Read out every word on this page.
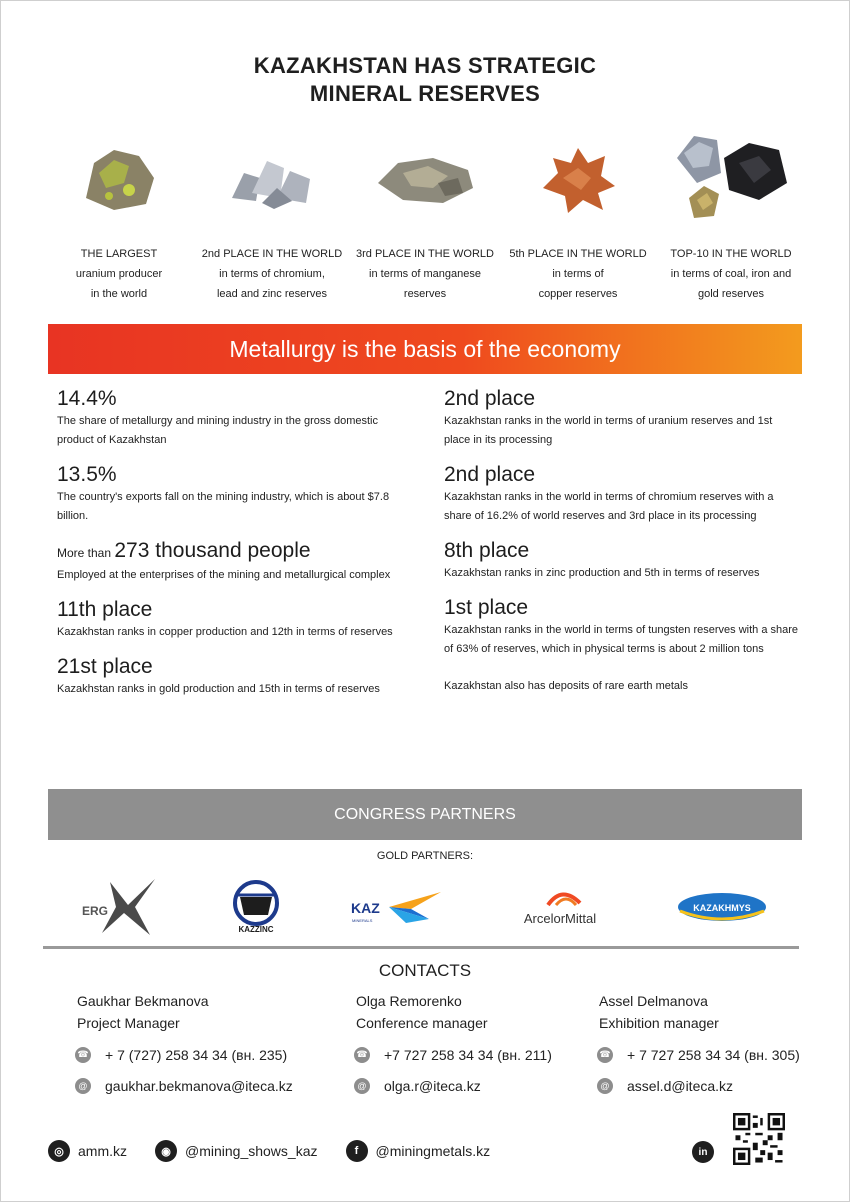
KAZAKHSTAN HAS STRATEGIC
MINERAL RESERVES
THE LARGEST
uranium producer
in the world
2nd PLACE IN THE WORLD
in terms of chromium,
lead and zinc reserves
3rd PLACE IN THE WORLD
in terms of manganese
reserves
5th PLACE IN THE WORLD
in terms of
copper reserves
TOP-10 IN THE WORLD
in terms of coal, iron and
gold reserves
Metallurgy is the basis of the economy
14.4%
The share of metallurgy and mining industry in the gross domestic product of Kazakhstan
13.5%
The country's exports fall on the mining industry, which is about $7.8 billion.
More than 273 thousand people
Employed at the enterprises of the mining and metallurgical complex
11th place
Kazakhstan ranks in copper production and 12th in terms of reserves
21st place
Kazakhstan ranks in gold production and 15th in terms of reserves
2nd place
Kazakhstan ranks in the world in terms of uranium reserves and 1st place in its processing
2nd place
Kazakhstan ranks in the world in terms of chromium reserves with a share of 16.2% of world reserves and 3rd place in its processing
8th place
Kazakhstan ranks in zinc production and 5th in terms of reserves
1st place
Kazakhstan ranks in the world in terms of tungsten reserves with a share of 63% of reserves, which in physical terms is about 2 million tons
Kazakhstan also has deposits of rare earth metals
CONGRESS PARTNERS
GOLD PARTNERS:
ERG
KAZZINC
KAZ
MINERALS	ArcelorMittal
KAZAKHMYS
CONTACTS
Gaukhar Bekmanova
Project Manager
☎ + 7 (727) 258 34 34 (вн. 235)
@ gaukhar.bekmanova@iteca.kz
Olga Remorenko
Conference manager
☎ +7 727 258 34 34 (вн. 211)
@ olga.r@iteca.kz
Assel Delmanova
Exhibition manager
☎ + 7 727 258 34 34 (вн. 305)
@ assel.d@iteca.kz
◎	amm.kz	◉	@mining_shows_kaz	f	@miningmetals.kz	in
